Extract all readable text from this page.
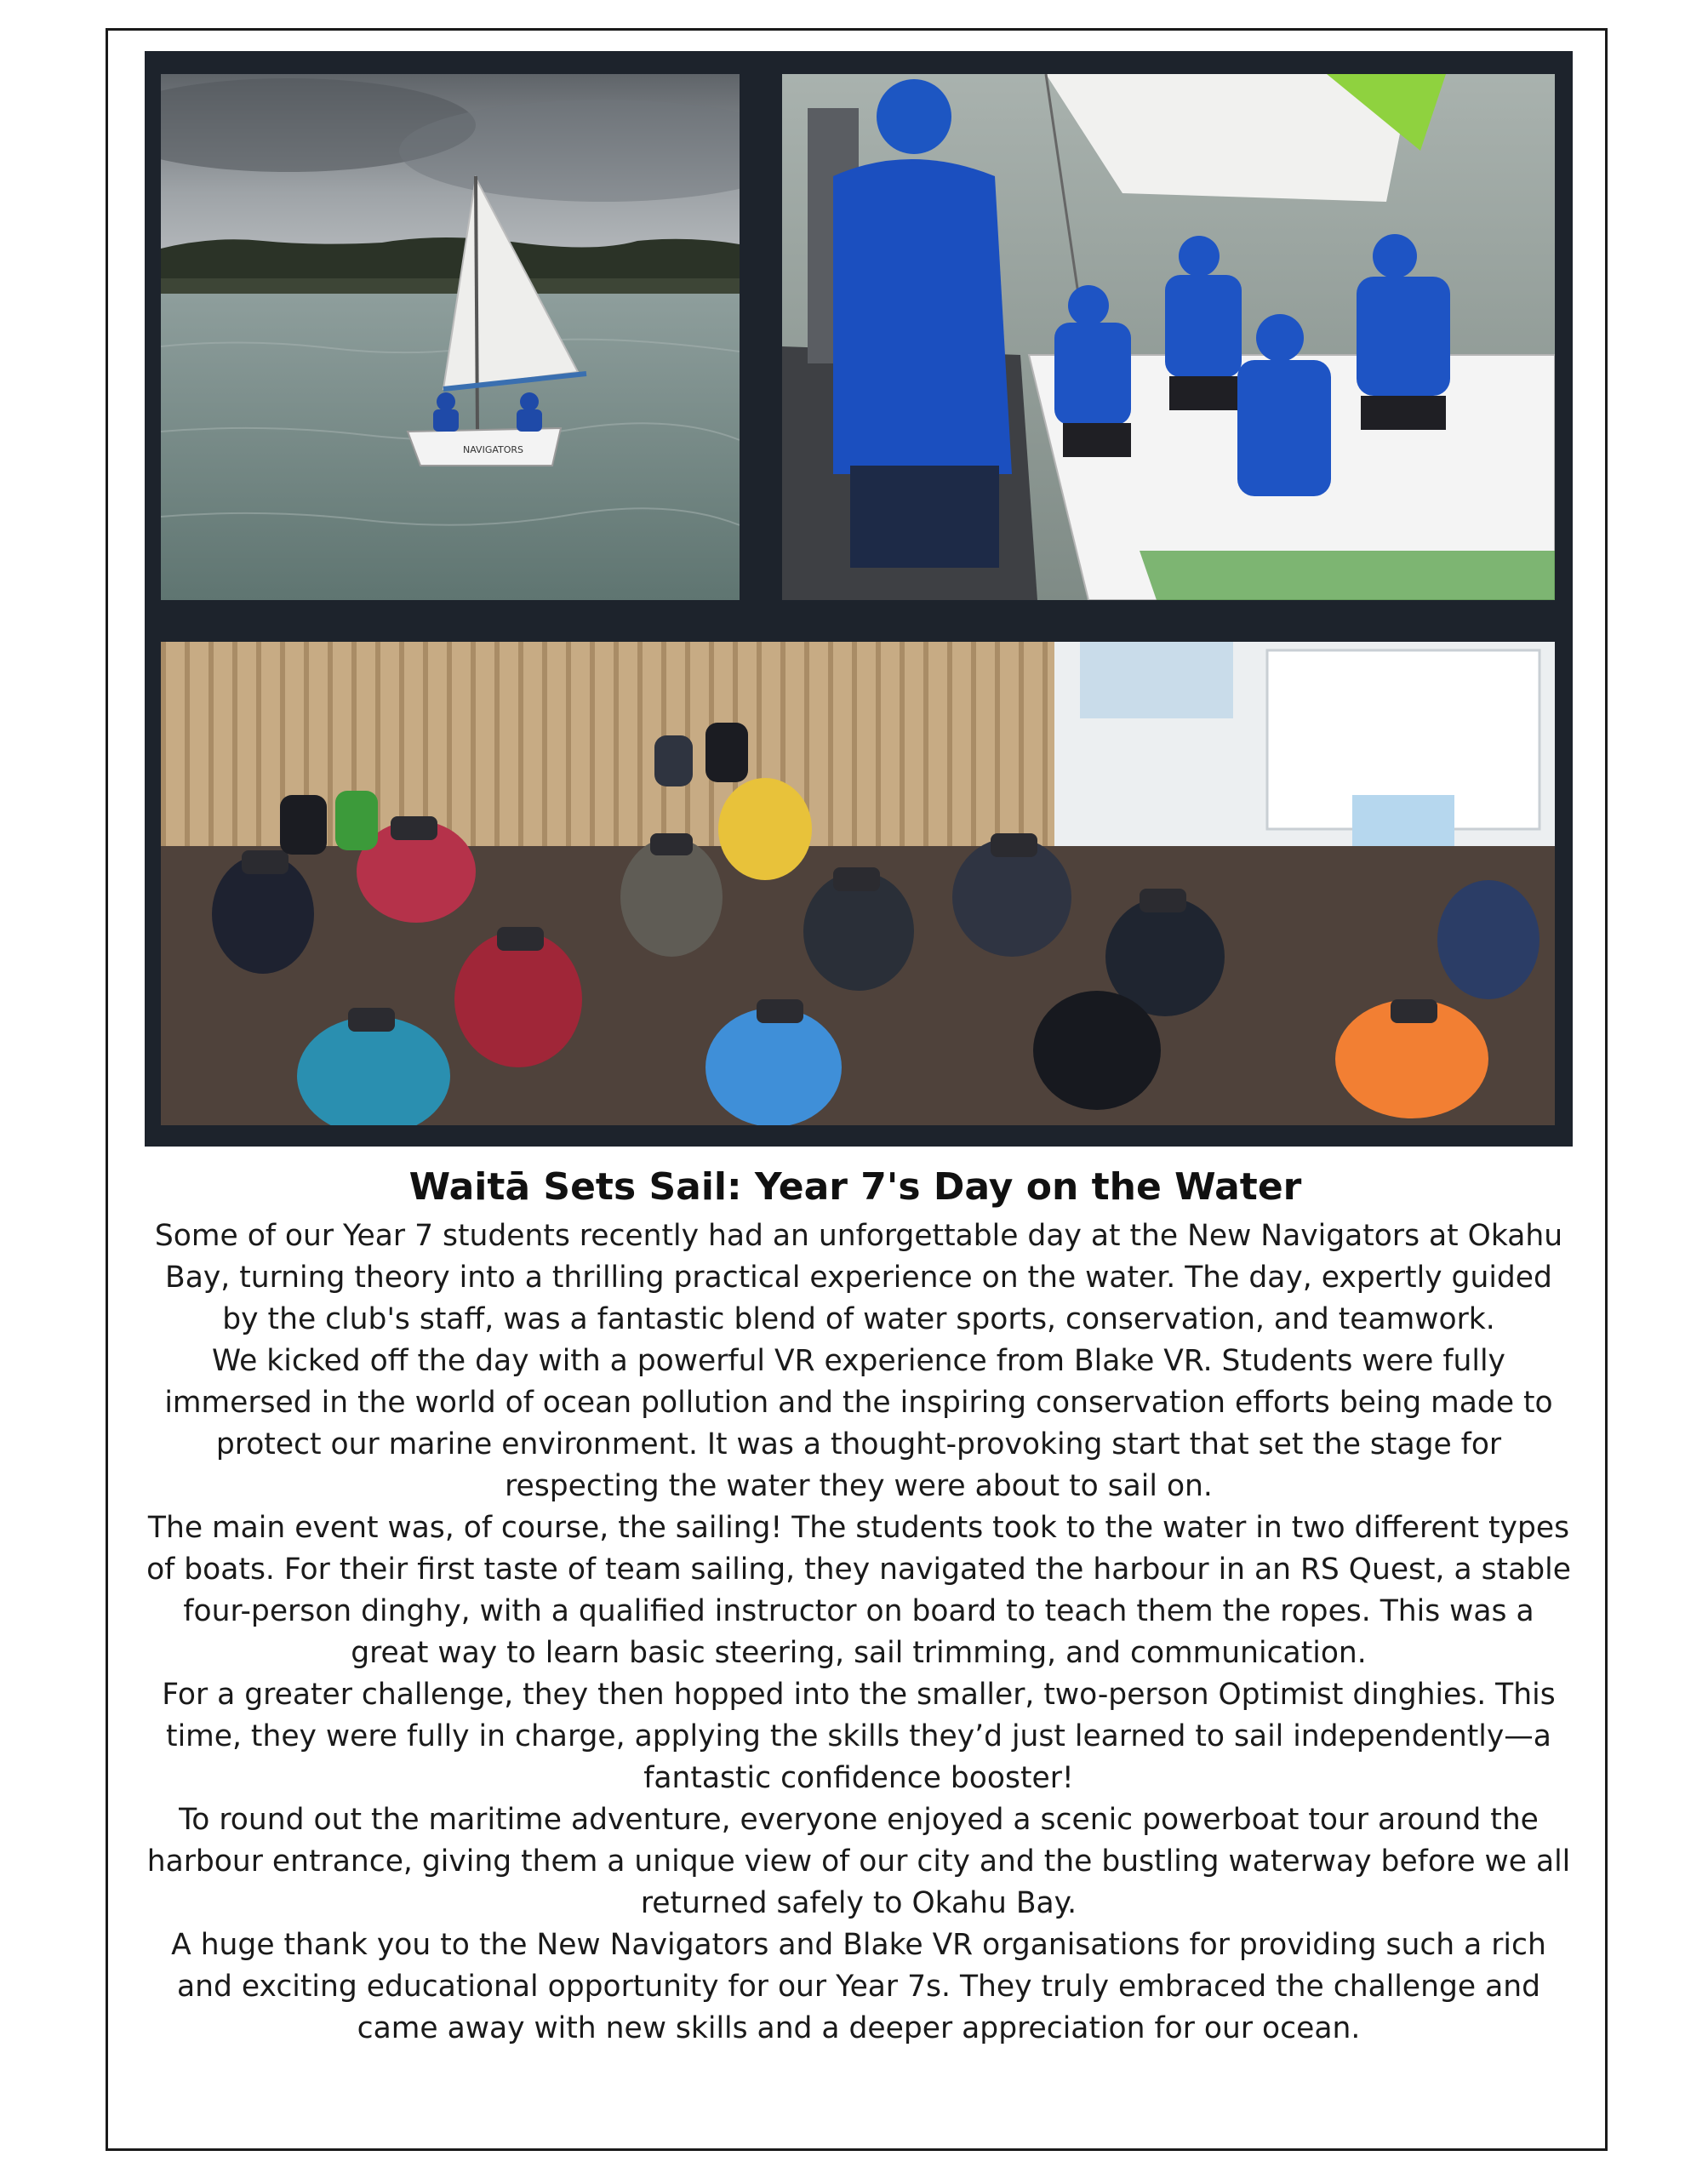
NAVIGATORS
Waitā Sets Sail: Year 7's Day on the Water

Some of our Year 7 students recently had an unforgettable day at the New Navigators at Okahu Bay, turning theory into a thrilling practical experience on the water. The day, expertly guided by the club's staff, was a fantastic blend of water sports, conservation, and teamwork.

We kicked off the day with a powerful VR experience from Blake VR. Students were fully immersed in the world of ocean pollution and the inspiring conservation efforts being made to protect our marine environment. It was a thought-provoking start that set the stage for respecting the water they were about to sail on.

The main event was, of course, the sailing! The students took to the water in two different types of boats. For their first taste of team sailing, they navigated the harbour in an RS Quest, a stable four-person dinghy, with a qualified instructor on board to teach them the ropes. This was a great way to learn basic steering, sail trimming, and communication.

For a greater challenge, they then hopped into the smaller, two-person Optimist dinghies. This time, they were fully in charge, applying the skills they’d just learned to sail independently—a fantastic confidence booster!

To round out the maritime adventure, everyone enjoyed a scenic powerboat tour around the harbour entrance, giving them a unique view of our city and the bustling waterway before we all returned safely to Okahu Bay.

A huge thank you to the New Navigators and Blake VR organisations for providing such a rich and exciting educational opportunity for our Year 7s. They truly embraced the challenge and came away with new skills and a deeper appreciation for our ocean.
